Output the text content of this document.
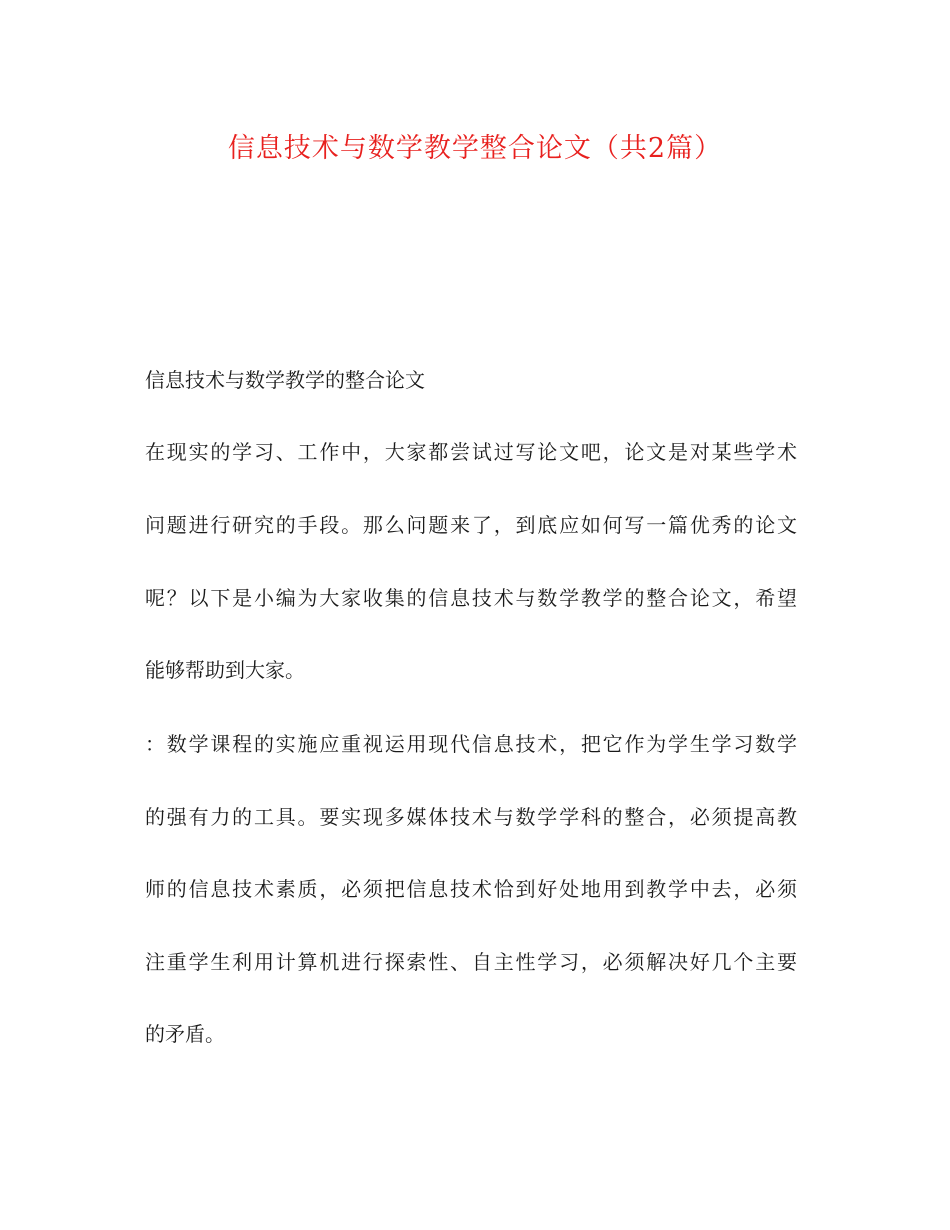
信息技术与数学教学整合论文（共2篇）

信息技术与数学教学的整合论文

在现实的学习、工作中，大家都尝试过写论文吧，论文是对某些学术

问题进行研究的手段。那么问题来了，到底应如何写一篇优秀的论文

呢？以下是小编为大家收集的信息技术与数学教学的整合论文，希望

能够帮助到大家。

：数学课程的实施应重视运用现代信息技术，把它作为学生学习数学

的强有力的工具。要实现多媒体技术与数学学科的整合，必须提高教

师的信息技术素质，必须把信息技术恰到好处地用到教学中去，必须

注重学生利用计算机进行探索性、自主性学习，必须解决好几个主要

的矛盾。
